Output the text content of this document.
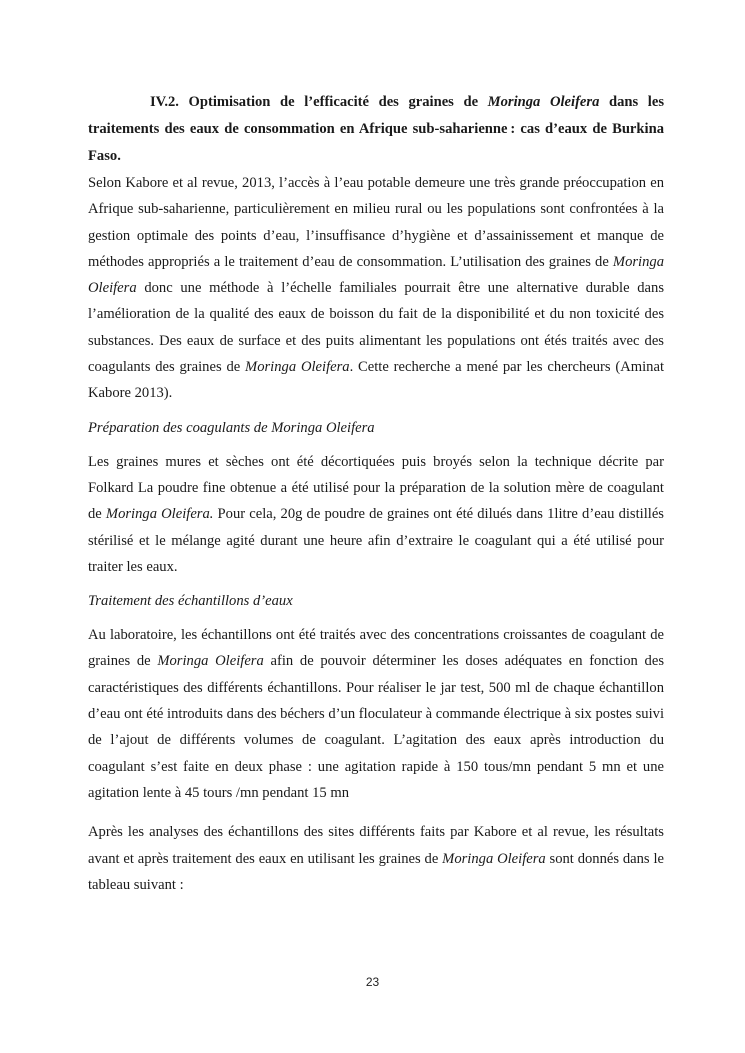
IV.2. Optimisation de l’efficacité des graines de Moringa Oleifera dans les traitements des eaux de consommation en Afrique sub-saharienne : cas d’eaux de Burkina Faso.

Selon Kabore et al revue, 2013, l’accès à l’eau potable demeure une très grande préoccupation en Afrique sub-saharienne, particulièrement en milieu rural ou les populations sont confrontées à la gestion optimale des points d’eau, l’insuffisance d’hygiène et d’assainissement et manque de méthodes appropriés a le traitement d’eau de consommation. L’utilisation des graines de Moringa Oleifera donc une méthode à l’échelle familiales pourrait être une alternative durable dans l’amélioration de la qualité des eaux de boisson du fait de la disponibilité et du non toxicité des substances. Des eaux de surface et des puits alimentant les populations ont étés traités avec des coagulants des graines de Moringa Oleifera. Cette recherche a mené par les chercheurs (Aminat Kabore 2013).

Préparation des coagulants de Moringa Oleifera

Les graines mures et sèches ont été décortiquées puis broyés selon la technique décrite par Folkard La poudre fine obtenue a été utilisé pour la préparation de la solution mère de coagulant de Moringa Oleifera. Pour cela, 20g de poudre de graines ont été dilués dans 1litre d’eau distillés stérilisé et le mélange agité durant une heure afin d’extraire le coagulant qui a été utilisé pour traiter les eaux.

Traitement des échantillons d’eaux

Au laboratoire, les échantillons ont été traités avec des concentrations croissantes de coagulant de graines de Moringa Oleifera afin de pouvoir déterminer les doses adéquates en fonction des caractéristiques des différents échantillons. Pour réaliser le jar test, 500 ml de chaque échantillon d’eau ont été introduits dans des béchers d’un floculateur à commande électrique à six postes suivi de l’ajout de différents volumes de coagulant. L’agitation des eaux après introduction du coagulant s’est faite en deux phase : une agitation rapide à 150 tous/mn pendant 5 mn et une agitation lente à 45 tours /mn pendant 15 mn

Après les analyses des échantillons des sites différents faits par Kabore et al revue, les résultats avant et après traitement des eaux en utilisant les graines de Moringa Oleifera sont donnés dans le tableau suivant :

23
